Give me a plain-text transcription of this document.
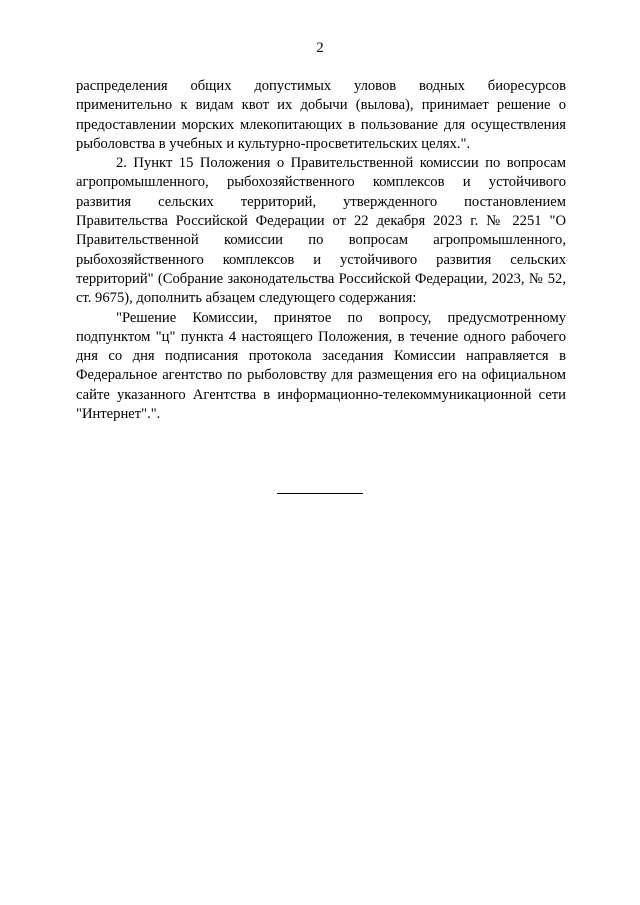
2

распределения общих допустимых уловов водных биоресурсов применительно к видам квот их добычи (вылова), принимает решение о предоставлении морских млекопитающих в пользование для осуществления рыболовства в учебных и культурно-просветительских целях.".

2. Пункт 15 Положения о Правительственной комиссии по вопросам агропромышленного, рыбохозяйственного комплексов и устойчивого развития сельских территорий, утвержденного постановлением Правительства Российской Федерации от 22 декабря 2023 г. № 2251 "О Правительственной комиссии по вопросам агропромышленного, рыбохозяйственного комплексов и устойчивого развития сельских территорий" (Собрание законодательства Российской Федерации, 2023, № 52, ст. 9675), дополнить абзацем следующего содержания:

"Решение Комиссии, принятое по вопросу, предусмотренному подпунктом "ц" пункта 4 настоящего Положения, в течение одного рабочего дня со дня подписания протокола заседания Комиссии направляется в Федеральное агентство по рыболовству для размещения его на официальном сайте указанного Агентства в информационно-телекоммуникационной сети "Интернет".".
